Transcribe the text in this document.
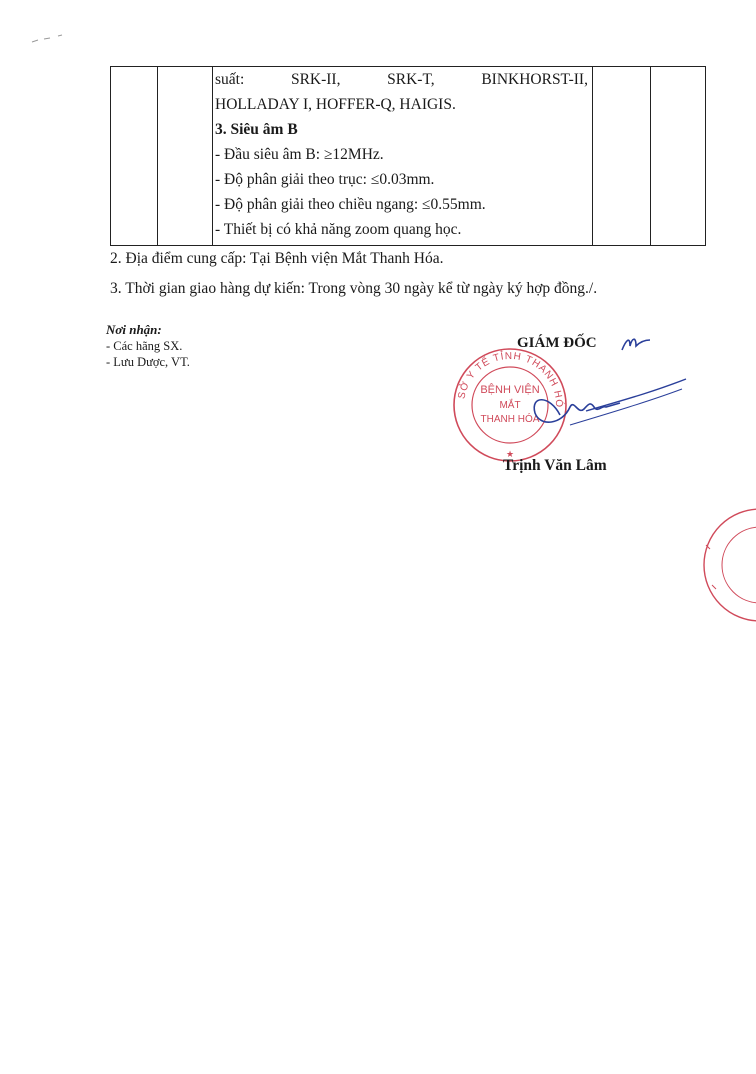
suất:	SRK-II,	SRK-T,	BINKHORST-II,
HOLLADAY I, HOFFER-Q, HAIGIS.
3. Siêu âm B
- Đầu siêu âm B: ≥12MHz.
- Độ phân giải theo trục: ≤0.03mm.
- Độ phân giải theo chiều ngang: ≤0.55mm.
- Thiết bị có khả năng zoom quang học.
2. Địa điểm cung cấp: Tại Bệnh viện Mắt Thanh Hóa.
3. Thời gian giao hàng dự kiến: Trong vòng 30 ngày kể từ ngày ký hợp đồng./.
Nơi nhận:
- Các hãng SX.
- Lưu Dược, VT.
SỞ Y TẾ TỈNH THANH HÓ
BỆNH VIỆN
MẮT
THANH HÓA
★
GIÁM ĐỐC
Trịnh Văn Lâm
